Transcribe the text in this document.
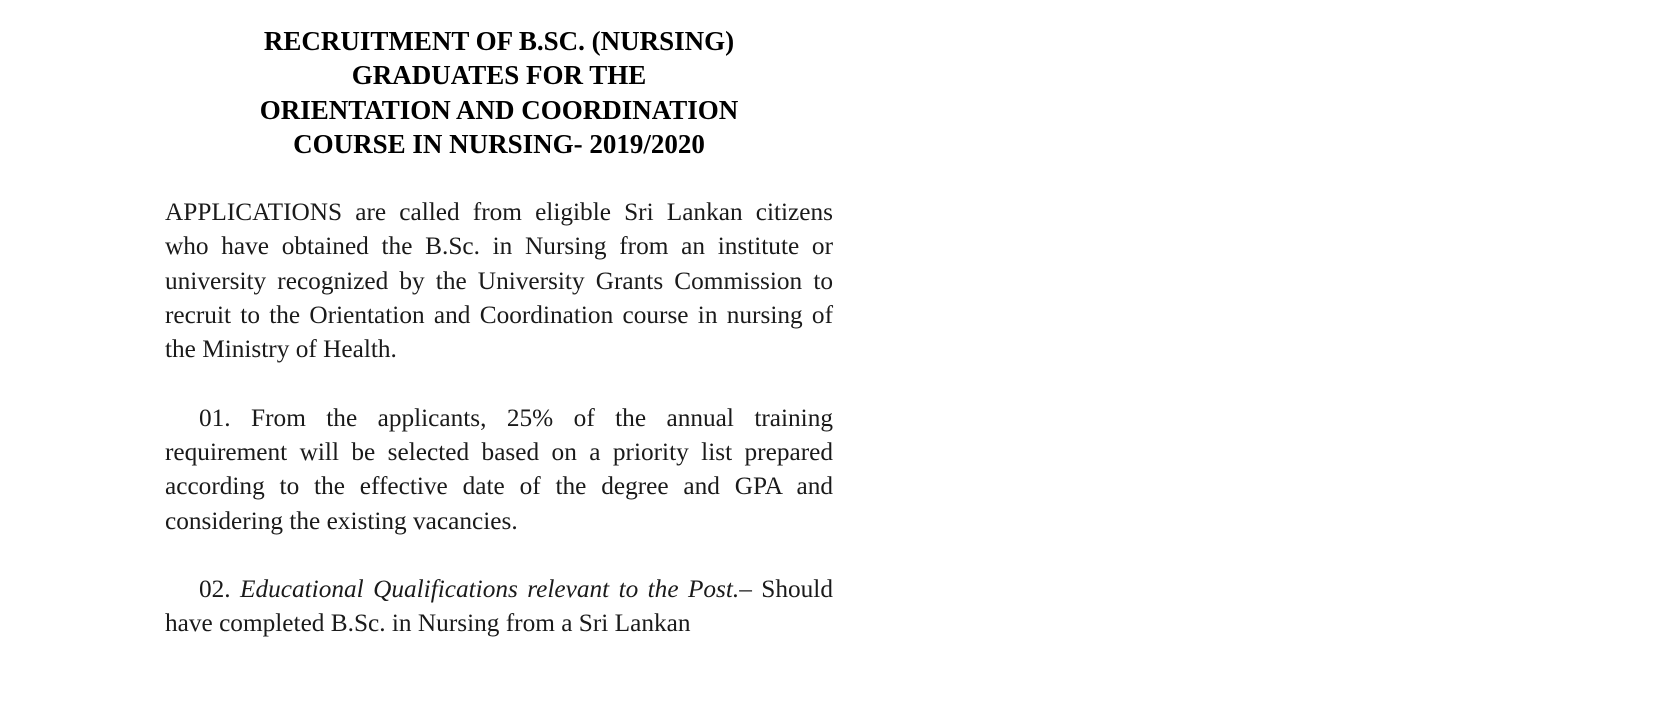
RECRUITMENT OF B.SC. (NURSING)
GRADUATES FOR THE
ORIENTATION AND COORDINATION
COURSE IN NURSING- 2019/2020

APPLICATIONS are called from eligible Sri Lankan citizens who have obtained the B.Sc. in Nursing from an institute or university recognized by the University Grants Commission to recruit to the Orientation and Coordination course in nursing of the Ministry of Health.

01. From the applicants, 25% of the annual training requirement will be selected based on a priority list prepared according to the effective date of the degree and GPA and considering the existing vacancies.

02. Educational Qualifications relevant to the Post.– Should have completed B.Sc. in Nursing from a Sri Lankan
